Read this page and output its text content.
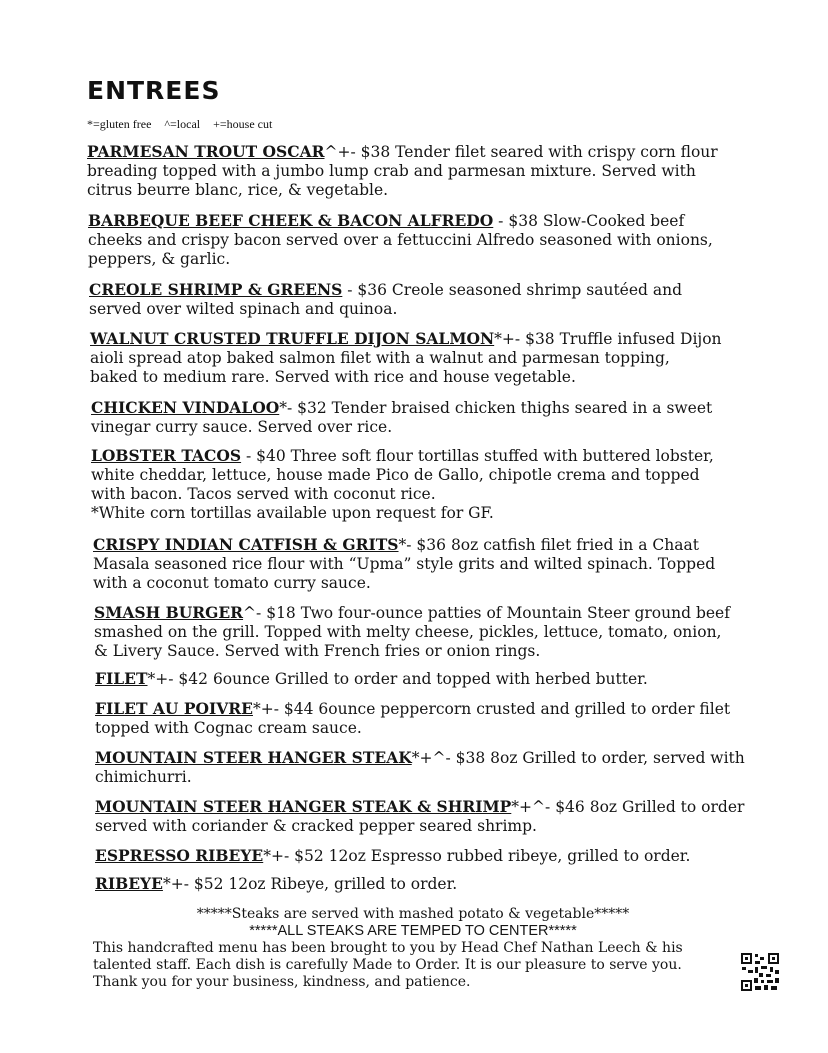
ENTREES
*=gluten free ^=local +=house cut
PARMESAN TROUT OSCAR^+- $38 Tender filet seared with crispy corn flour
breading topped with a jumbo lump crab and parmesan mixture. Served with
citrus beurre blanc, rice, & vegetable.
BARBEQUE BEEF CHEEK & BACON ALFREDO - $38 Slow-Cooked beef
cheeks and crispy bacon served over a fettuccini Alfredo seasoned with onions,
peppers, & garlic.
CREOLE SHRIMP & GREENS - $36 Creole seasoned shrimp sautéed and
served over wilted spinach and quinoa.
WALNUT CRUSTED TRUFFLE DIJON SALMON*+- $38 Truffle infused Dijon
aioli spread atop baked salmon filet with a walnut and parmesan topping,
baked to medium rare. Served with rice and house vegetable.
CHICKEN VINDALOO*- $32 Tender braised chicken thighs seared in a sweet
vinegar curry sauce. Served over rice.
LOBSTER TACOS - $40 Three soft flour tortillas stuffed with buttered lobster,
white cheddar, lettuce, house made Pico de Gallo, chipotle crema and topped
with bacon. Tacos served with coconut rice.
*White corn tortillas available upon request for GF.
CRISPY INDIAN CATFISH & GRITS*- $36 8oz catfish filet fried in a Chaat
Masala seasoned rice flour with “Upma” style grits and wilted spinach. Topped
with a coconut tomato curry sauce.
SMASH BURGER^- $18 Two four-ounce patties of Mountain Steer ground beef
smashed on the grill. Topped with melty cheese, pickles, lettuce, tomato, onion,
& Livery Sauce. Served with French fries or onion rings.
FILET*+- $42 6ounce Grilled to order and topped with herbed butter.
FILET AU POIVRE*+- $44 6ounce peppercorn crusted and grilled to order filet
topped with Cognac cream sauce.
MOUNTAIN STEER HANGER STEAK*+^- $38 8oz Grilled to order, served with
chimichurri.
MOUNTAIN STEER HANGER STEAK & SHRIMP*+^- $46 8oz Grilled to order
served with coriander & cracked pepper seared shrimp.
ESPRESSO RIBEYE*+- $52 12oz Espresso rubbed ribeye, grilled to order.
RIBEYE*+- $52 12oz Ribeye, grilled to order.
*****Steaks are served with mashed potato & vegetable*****
*****ALL STEAKS ARE TEMPED TO CENTER*****
This handcrafted menu has been brought to you by Head Chef Nathan Leech & his
talented staff. Each dish is carefully Made to Order. It is our pleasure to serve you.
Thank you for your business, kindness, and patience.
